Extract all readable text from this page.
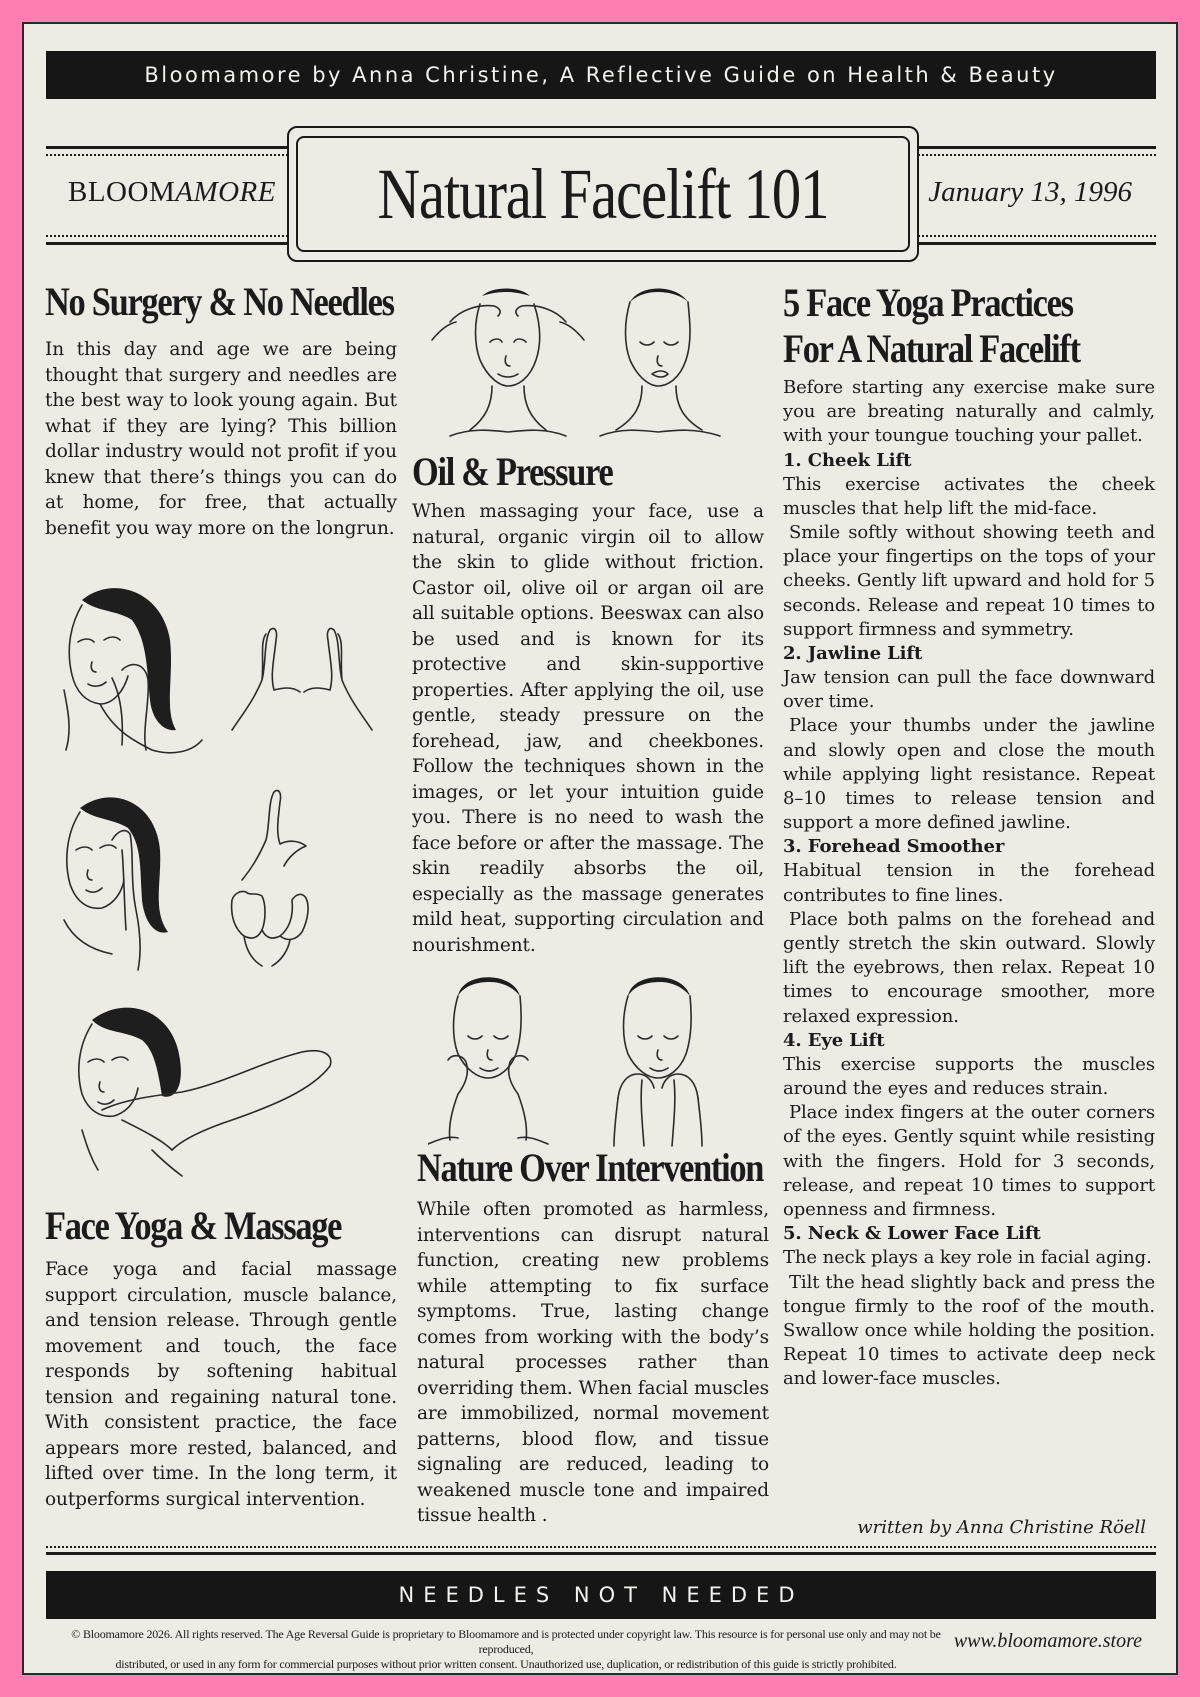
Bloomamore by Anna Christine, A Reflective Guide on Health & Beauty
BLOOMAMORE	January 13, 1996
Natural Facelift 101
No Surgery & No Needles

In this day and age we are being thought that surgery and needles are the best way to look young again. But what if they are lying? This billion dollar industry would not profit if you knew that there’s things you can do at home, for free, that actually benefit you way more on the longrun.

Face Yoga & Massage

Face yoga and facial massage support circulation, muscle balance, and tension release. Through gentle movement and touch, the face responds by softening habitual tension and regaining natural tone. With consistent practice, the face appears more rested, balanced, and lifted over time. In the long term, it outperforms surgical intervention.

Oil & Pressure

When massaging your face, use a natural, organic virgin oil to allow the skin to glide without friction. Castor oil, olive oil or argan oil are all suitable options. Beeswax can also be used and is known for its protective and skin-supportive properties. After applying the oil, use gentle, steady pressure on the forehead, jaw, and cheekbones. Follow the techniques shown in the images, or let your intuition guide you. There is no need to wash the face before or after the massage. The skin readily absorbs the oil, especially as the massage generates mild heat, supporting circulation and nourishment.

Nature Over Intervention

While often promoted as harmless, interventions can disrupt natural function, creating new problems while attempting to fix surface symptoms. True, lasting change comes from working with the body’s natural processes rather than overriding them. When facial muscles are immobilized, normal movement patterns, blood flow, and tissue signaling are reduced, leading to weakened muscle tone and impaired tissue health .

5 Face Yoga Practices
For A Natural Facelift

Before starting any exercise make sure you are breating naturally and calmly, with your toungue touching your pallet.

1. Cheek Lift

This exercise activates the cheek muscles that help lift the mid-face.

Smile softly without showing teeth and place your fingertips on the tops of your cheeks. Gently lift upward and hold for 5 seconds. Release and repeat 10 times to support firmness and symmetry.

2. Jawline Lift

Jaw tension can pull the face downward over time.

Place your thumbs under the jawline and slowly open and close the mouth while applying light resistance. Repeat 8–10 times to release tension and support a more defined jawline.

3. Forehead Smoother

Habitual tension in the forehead contributes to fine lines.

Place both palms on the forehead and gently stretch the skin outward. Slowly lift the eyebrows, then relax. Repeat 10 times to encourage smoother, more relaxed expression.

4. Eye Lift

This exercise supports the muscles around the eyes and reduces strain.

Place index fingers at the outer corners of the eyes. Gently squint while resisting with the fingers. Hold for 3 seconds, release, and repeat 10 times to support openness and firmness.

5. Neck & Lower Face Lift

The neck plays a key role in facial aging.

Tilt the head slightly back and press the tongue firmly to the roof of the mouth. Swallow once while holding the position. Repeat 10 times to activate deep neck and lower-face muscles.

written by Anna Christine Röell
NEEDLES NOT NEEDED
© Bloomamore 2026. All rights reserved. The Age Reversal Guide is proprietary to Bloomamore and is protected under copyright law. This resource is for personal use only and may not be reproduced,
distributed, or used in any form for commercial purposes without prior written consent. Unauthorized use, duplication, or redistribution of this guide is strictly prohibited.
www.bloomamore.store
